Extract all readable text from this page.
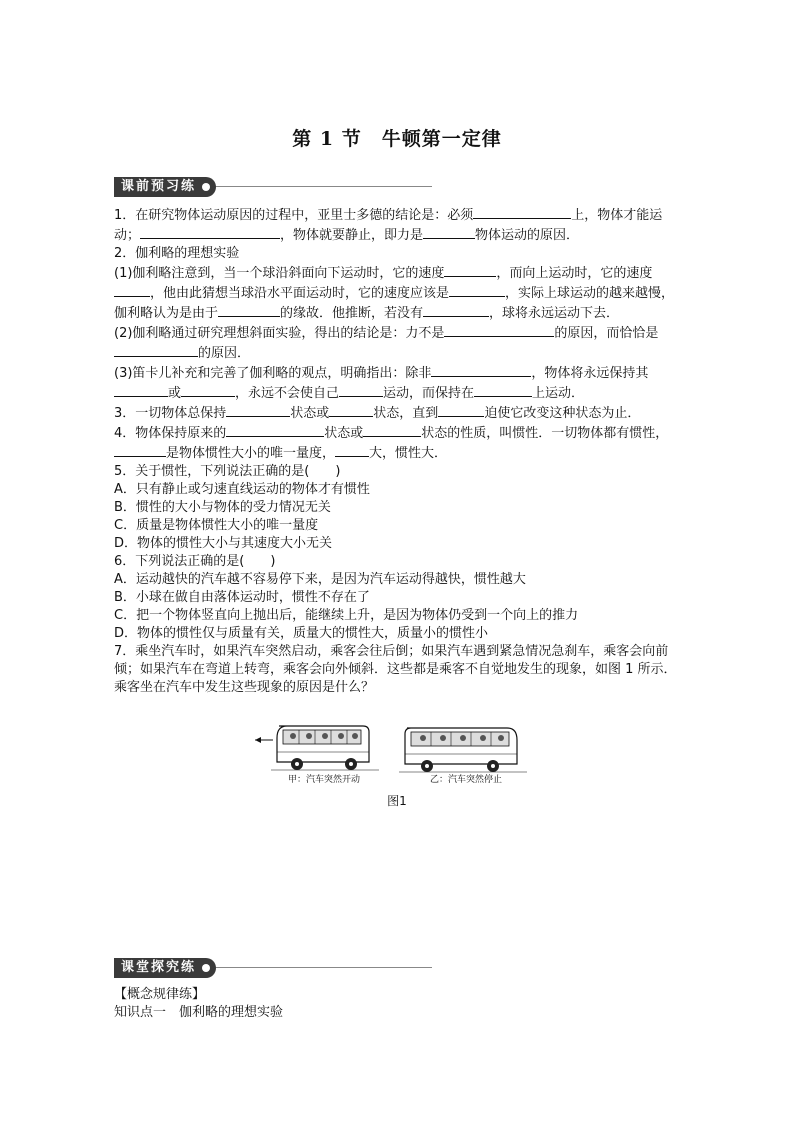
第 1 节　牛顿第一定律
课前预习练

1．在研究物体运动原因的过程中，亚里士多德的结论是：必须	上，物体才能运动；	，物体就要静止，即力是	物体运动的原因．

2．伽利略的理想实验

(1)伽利略注意到，当一个球沿斜面向下运动时，它的速度	，而向上运动时，它的速度，他由此猜想当球沿水平面运动时，它的速度应该是	，实际上球运动的越来越慢，伽利略认为是由于	的缘故．他推断，若没有	，球将永远运动下去．

(2)伽利略通过研究理想斜面实验，得出的结论是：力不是	的原因，而恰恰是的原因．

(3)笛卡儿补充和完善了伽利略的观点，明确指出：除非	，物体将永远保持其或	，永远不会使自己	运动，而保持在	上运动．

3．一切物体总保持	状态或	状态，直到	迫使它改变这种状态为止．

4．物体保持原来的	状态或	状态的性质，叫惯性．一切物体都有惯性，是物体惯性大小的唯一量度，	大，惯性大．

5．关于惯性，下列说法正确的是(　　)

A．只有静止或匀速直线运动的物体才有惯性

B．惯性的大小与物体的受力情况无关

C．质量是物体惯性大小的唯一量度

D．物体的惯性大小与其速度大小无关

6．下列说法正确的是(　　)

A．运动越快的汽车越不容易停下来，是因为汽车运动得越快，惯性越大

B．小球在做自由落体运动时，惯性不存在了

C．把一个物体竖直向上抛出后，能继续上升，是因为物体仍受到一个向上的推力

D．物体的惯性仅与质量有关，质量大的惯性大，质量小的惯性小

7．乘坐汽车时，如果汽车突然启动，乘客会往后倒；如果汽车遇到紧急情况急刹车，乘客会向前倾；如果汽车在弯道上转弯，乘客会向外倾斜．这些都是乘客不自觉地发生的现象，如图 1 所示．乘客坐在汽车中发生这些现象的原因是什么？

甲：汽车突然开动	乙：汽车突然停止
图1
课堂探究练
【概念规律练】
知识点一　伽利略的理想实验
